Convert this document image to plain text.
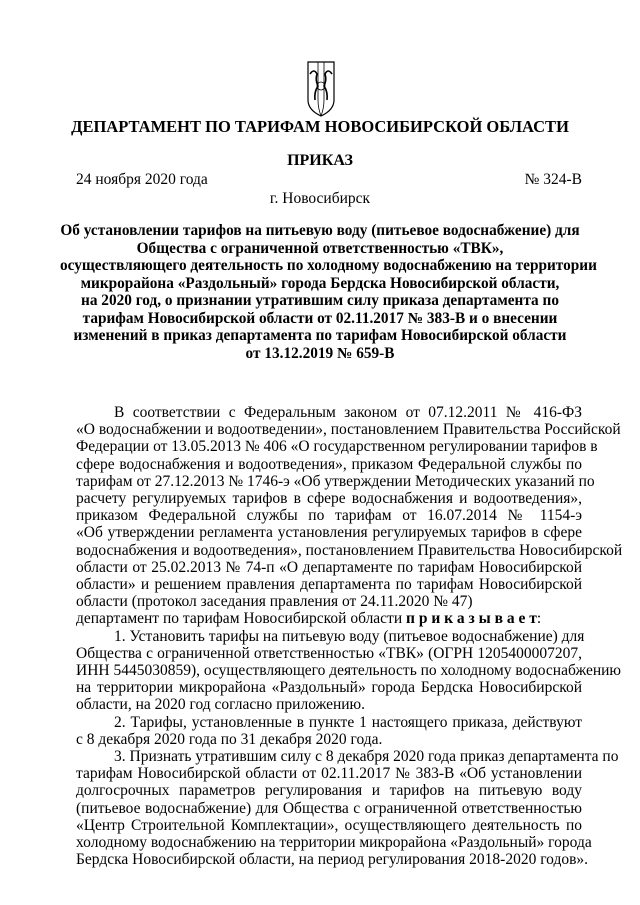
ДЕПАРТАМЕНТ ПО ТАРИФАМ НОВОСИБИРСКОЙ ОБЛАСТИ
ПРИКАЗ
24 ноября 2020 года	№ 324-В
г. Новосибирск
Об установлении тарифов на питьевую воду (питьевое водоснабжение) для
Общества с ограниченной ответственностью «ТВК»,
осуществляющего деятельность по холодному водоснабжению на территории
микрорайона «Раздольный» города Бердска Новосибирской области,
на 2020 год, о признании утратившим силу приказа департамента по
тарифам Новосибирской области от 02.11.2017 № 383-В и о внесении
изменений в приказ департамента по тарифам Новосибирской области
от 13.12.2019 № 659-В
В соответствии с Федеральным законом от 07.12.2011 № 416-ФЗ
«О водоснабжении и водоотведении», постановлением Правительства Российской
Федерации от 13.05.2013 № 406 «О государственном регулировании тарифов в
сфере водоснабжения и водоотведения», приказом Федеральной службы по
тарифам от 27.12.2013 № 1746-э «Об утверждении Методических указаний по
расчету регулируемых тарифов в сфере водоснабжения и водоотведения»,
приказом Федеральной службы по тарифам от 16.07.2014 № 1154-э
«Об утверждении регламента установления регулируемых тарифов в сфере
водоснабжения и водоотведения», постановлением Правительства Новосибирской
области от 25.02.2013 № 74-п «О департаменте по тарифам Новосибирской
области» и решением правления департамента по тарифам Новосибирской
области (протокол заседания правления от 24.11.2020 № 47)
департамент по тарифам Новосибирской области п р и к а з ы в а е т:
1. Установить тарифы на питьевую воду (питьевое водоснабжение) для
Общества с ограниченной ответственностью «ТВК» (ОГРН 1205400007207,
ИНН 5445030859), осуществляющего деятельность по холодному водоснабжению
на территории микрорайона «Раздольный» города Бердска Новосибирской
области, на 2020 год согласно приложению.
2. Тарифы, установленные в пункте 1 настоящего приказа, действуют
с 8 декабря 2020 года по 31 декабря 2020 года.
3. Признать утратившим силу с 8 декабря 2020 года приказ департамента по
тарифам Новосибирской области от 02.11.2017 № 383-В «Об установлении
долгосрочных параметров регулирования и тарифов на питьевую воду
(питьевое водоснабжение) для Общества с ограниченной ответственностью
«Центр Строительной Комплектации», осуществляющего деятельность по
холодному водоснабжению на территории микрорайона «Раздольный» города
Бердска Новосибирской области, на период регулирования 2018-2020 годов».
